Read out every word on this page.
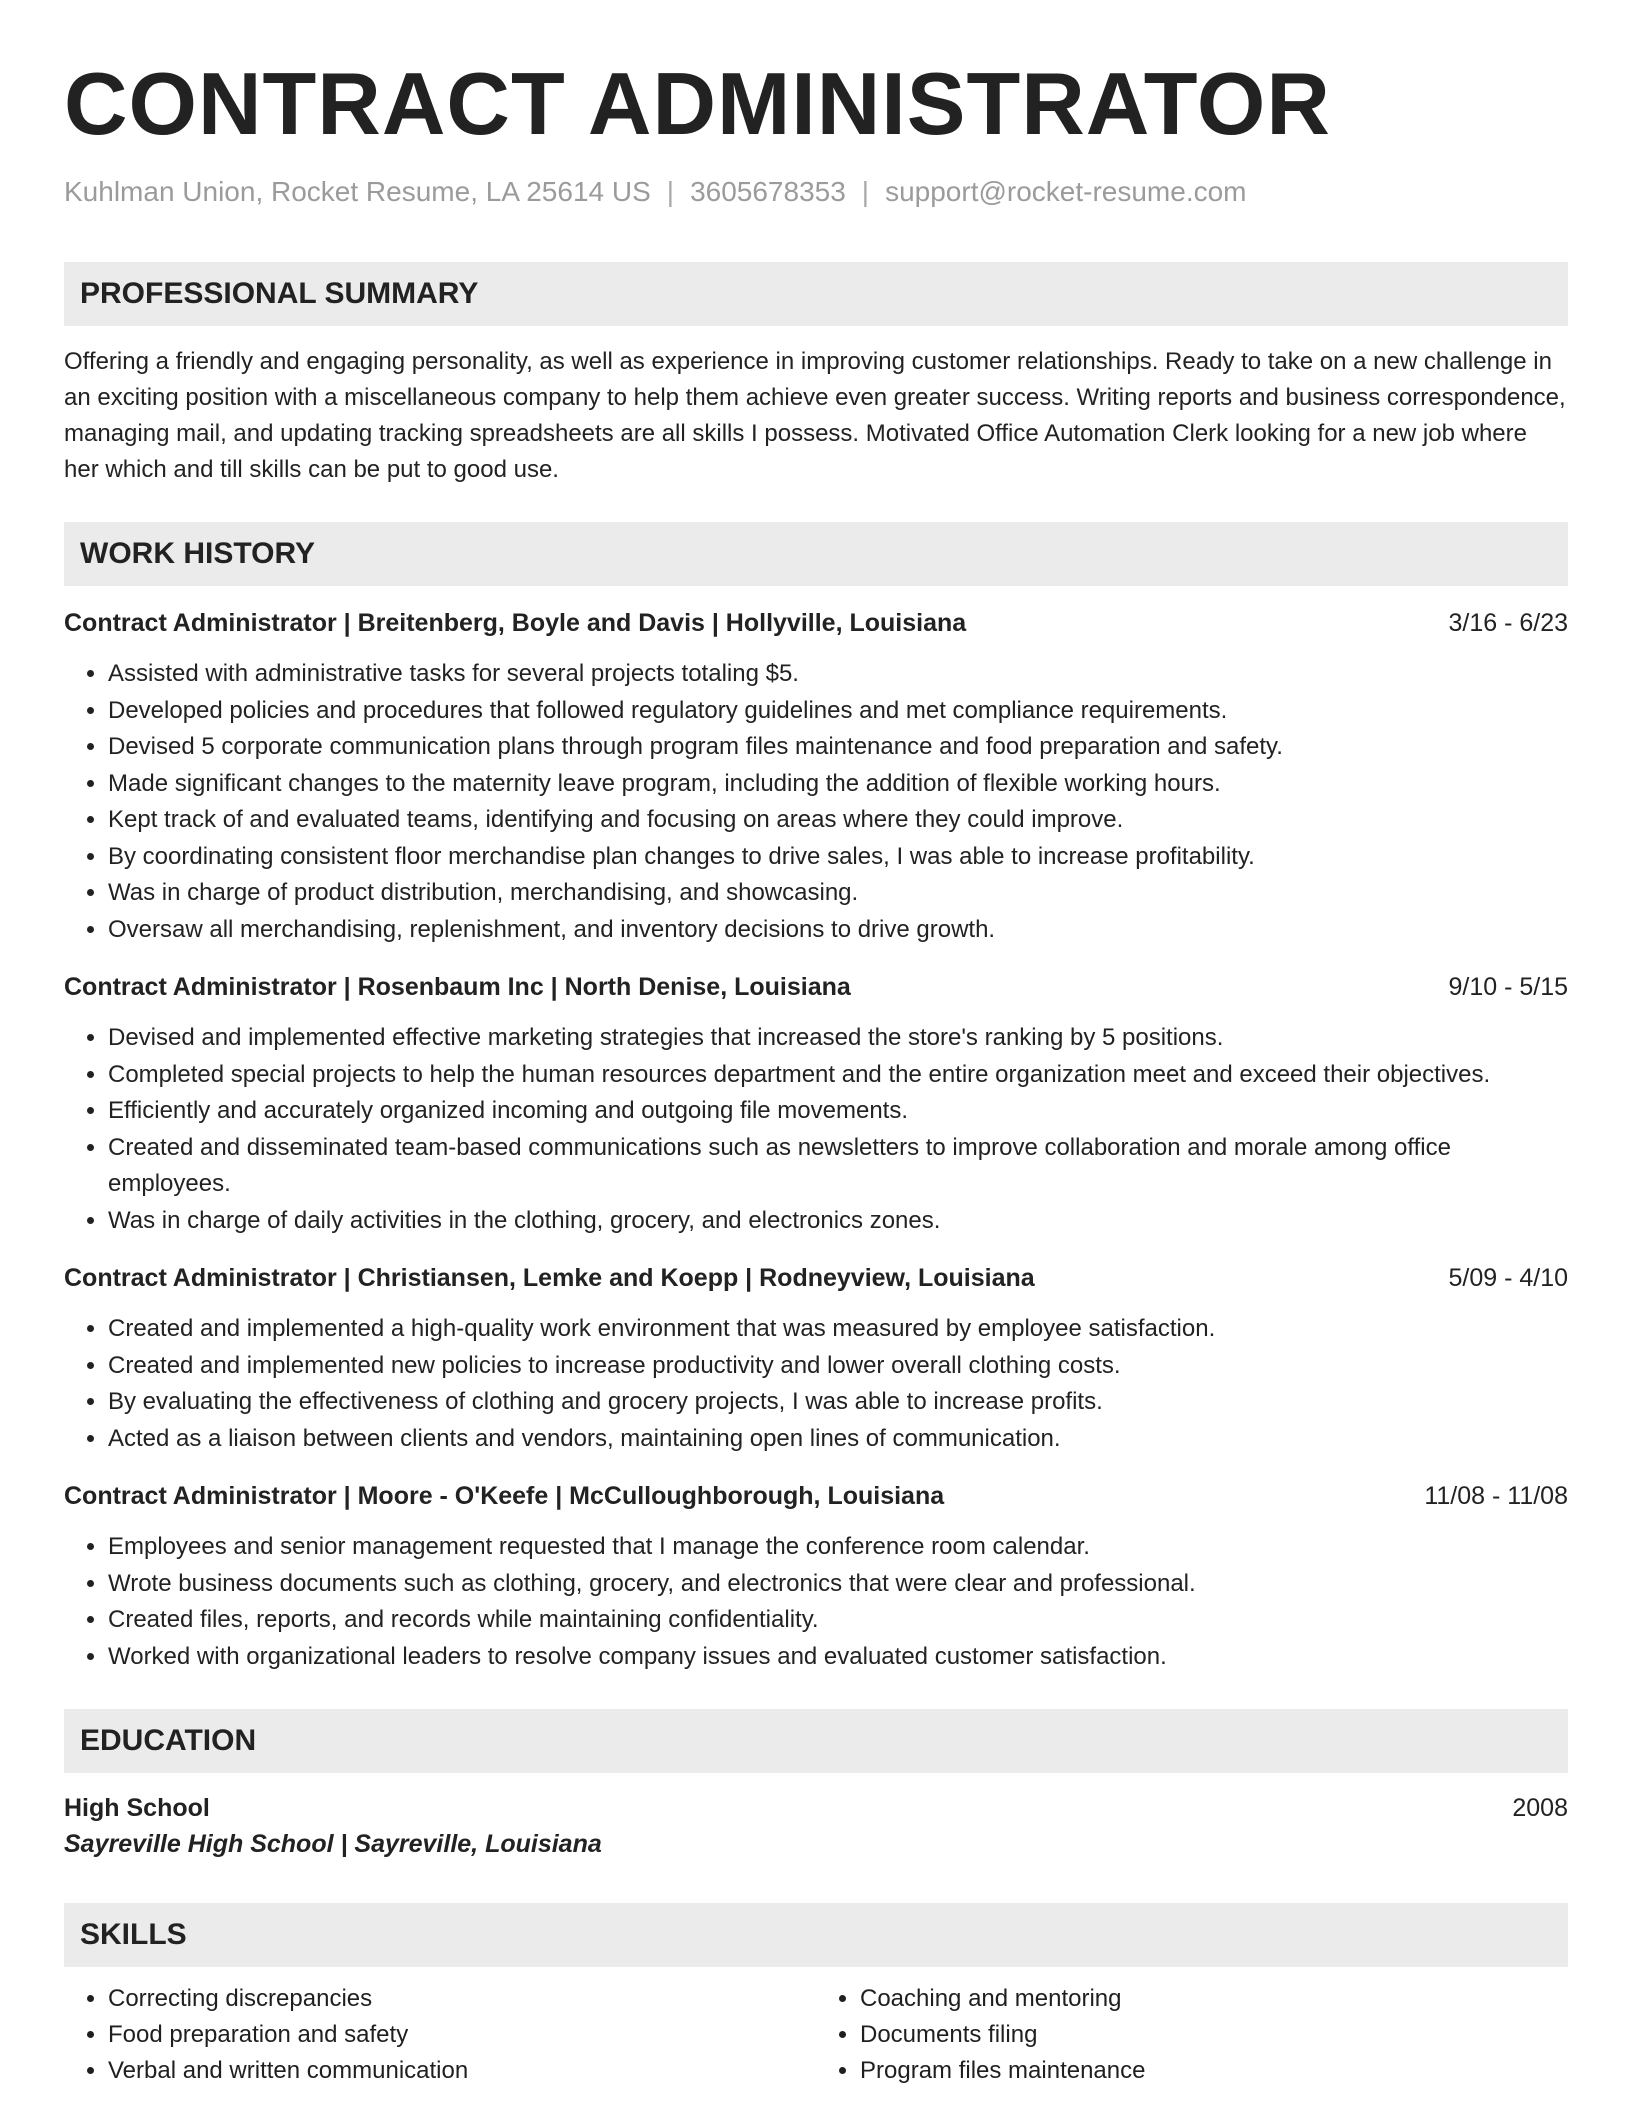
CONTRACT ADMINISTRATOR
Kuhlman Union, Rocket Resume, LA 25614 US | 3605678353 | support@rocket-resume.com
PROFESSIONAL SUMMARY
Offering a friendly and engaging personality, as well as experience in improving customer relationships. Ready to take on a new challenge in an exciting position with a miscellaneous company to help them achieve even greater success. Writing reports and business correspondence, managing mail, and updating tracking spreadsheets are all skills I possess. Motivated Office Automation Clerk looking for a new job where her which and till skills can be put to good use.
WORK HISTORY
Contract Administrator | Breitenberg, Boyle and Davis | Hollyville, Louisiana	3/16 - 6/23
• Assisted with administrative tasks for several projects totaling $5.
• Developed policies and procedures that followed regulatory guidelines and met compliance requirements.
• Devised 5 corporate communication plans through program files maintenance and food preparation and safety.
• Made significant changes to the maternity leave program, including the addition of flexible working hours.
• Kept track of and evaluated teams, identifying and focusing on areas where they could improve.
• By coordinating consistent floor merchandise plan changes to drive sales, I was able to increase profitability.
• Was in charge of product distribution, merchandising, and showcasing.
• Oversaw all merchandising, replenishment, and inventory decisions to drive growth.
Contract Administrator | Rosenbaum Inc | North Denise, Louisiana	9/10 - 5/15
• Devised and implemented effective marketing strategies that increased the store's ranking by 5 positions.
• Completed special projects to help the human resources department and the entire organization meet and exceed their objectives.
• Efficiently and accurately organized incoming and outgoing file movements.
• Created and disseminated team-based communications such as newsletters to improve collaboration and morale among office employees.
• Was in charge of daily activities in the clothing, grocery, and electronics zones.
Contract Administrator | Christiansen, Lemke and Koepp | Rodneyview, Louisiana	5/09 - 4/10
• Created and implemented a high-quality work environment that was measured by employee satisfaction.
• Created and implemented new policies to increase productivity and lower overall clothing costs.
• By evaluating the effectiveness of clothing and grocery projects, I was able to increase profits.
• Acted as a liaison between clients and vendors, maintaining open lines of communication.
Contract Administrator | Moore - O'Keefe | McCulloughborough, Louisiana	11/08 - 11/08
• Employees and senior management requested that I manage the conference room calendar.
• Wrote business documents such as clothing, grocery, and electronics that were clear and professional.
• Created files, reports, and records while maintaining confidentiality.
• Worked with organizational leaders to resolve company issues and evaluated customer satisfaction.
EDUCATION
High School	2008
Sayreville High School | Sayreville, Louisiana
SKILLS
• Correcting discrepancies
• Food preparation and safety
• Verbal and written communication
• Coaching and mentoring
• Documents filing
• Program files maintenance
